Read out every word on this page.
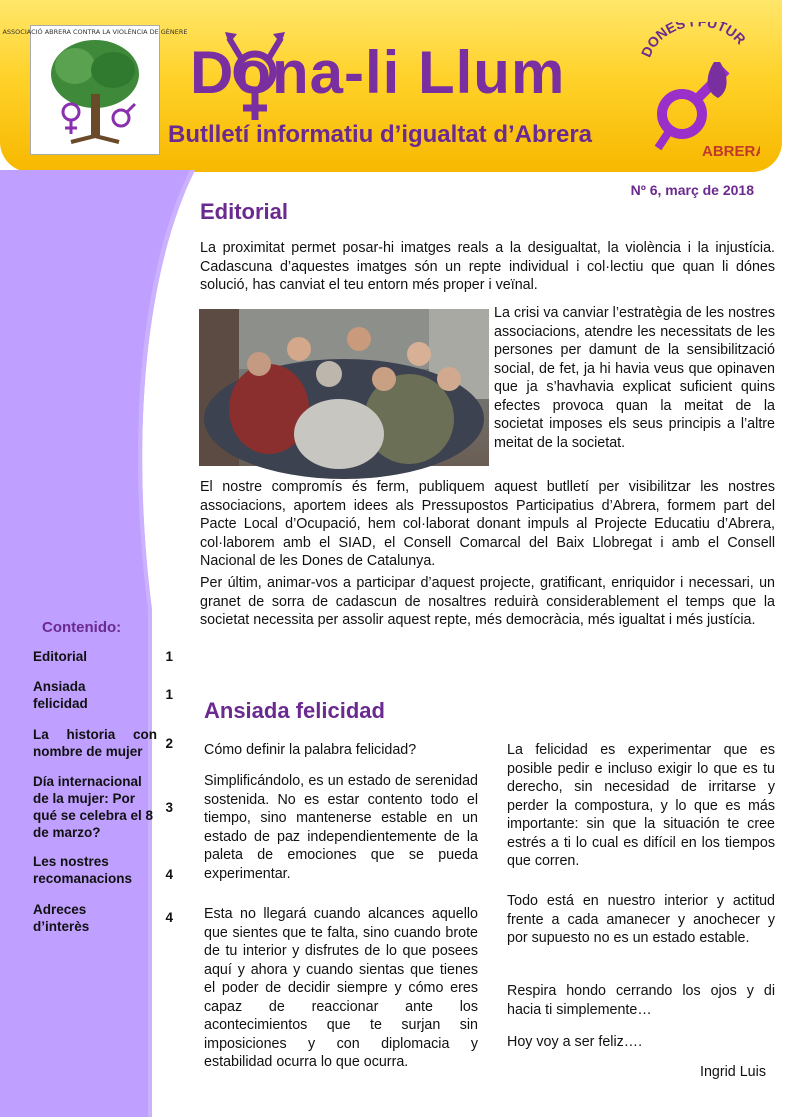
ASSOCIACIÓ ABRERA CONTRA LA VIOLÈNCIA DE GÈNERE
Dona-li Llum

Butlletí informatiu d’igualtat d’Abrera

DONES UTUR
ABRERA
Nº 6, març de 2018
Editorial

La proximitat permet posar-hi imatges reals a la desigualtat, la violència i la injustícia. Cadascuna d’aquestes imatges són un repte individual i col·lectiu que quan li dónes solució, has canviat el teu entorn més proper i veïnal.

La crisi va canviar l’estratègia de les nostres associacions, atendre les necessitats de les persones per damunt de la sensibilització social, de fet, ja hi havia veus que opinaven que ja s’havhavia explicat suficient quins efectes provoca quan la meitat de la societat imposes els seus principis a l’altre meitat de la societat.

El nostre compromís és ferm, publiquem aquest butlletí per visibilitzar les nostres associacions, aportem idees als Pressupostos Participatius d’Abrera, formem part del Pacte Local d’Ocupació, hem col·laborat donant impuls al Projecte Educatiu d’Abrera, col·laborem amb el SIAD, el Consell Comarcal del Baix Llobregat i amb el Consell Nacional de les Dones de Catalunya.

Per últim, animar-vos a participar d’aquest projecte, gratificant, enriquidor i necessari, un granet de sorra de cadascun de nosaltres reduirà considerablement el temps que la societat necessita per assolir aquest repte, més democràcia, més igualtat i més justícia.

Ansiada felicidad

Cómo definir la palabra felicidad?

Simplificándolo, es un estado de serenidad sostenida. No es estar contento todo el tiempo, sino mantenerse estable en un estado de paz independientemente de la paleta de emociones que se pueda experimentar.

Esta no llegará cuando alcances aquello que sientes que te falta, sino cuando brote de tu interior y disfrutes de lo que posees aquí y ahora y cuando sientas que tienes el poder de decidir siempre y cómo eres capaz de reaccionar ante los acontecimientos que te surjan sin imposiciones y con diplomacia y estabilidad ocurra lo que ocurra.

La felicidad es experimentar que es posible pedir e incluso exigir lo que es tu derecho, sin necesidad de irritarse y perder la compostura, y lo que es más importante: sin que la situación te cree estrés a ti lo cual es difícil en los tiempos que corren.

Todo está en nuestro interior y actitud frente a cada amanecer y anochecer y por supuesto no es un estado estable.

Respira hondo cerrando los ojos y di hacia ti simplemente…

Hoy voy a ser feliz….

Ingrid Luis
Contenido:
Editorial	1
Ansiada felicidad
1
La historia con nombre de mujer
2
Día internacional de la mujer: Por qué se celebra el 8 de marzo?
3
Les nostres recomanacions	4
Adreces d’interès
4
